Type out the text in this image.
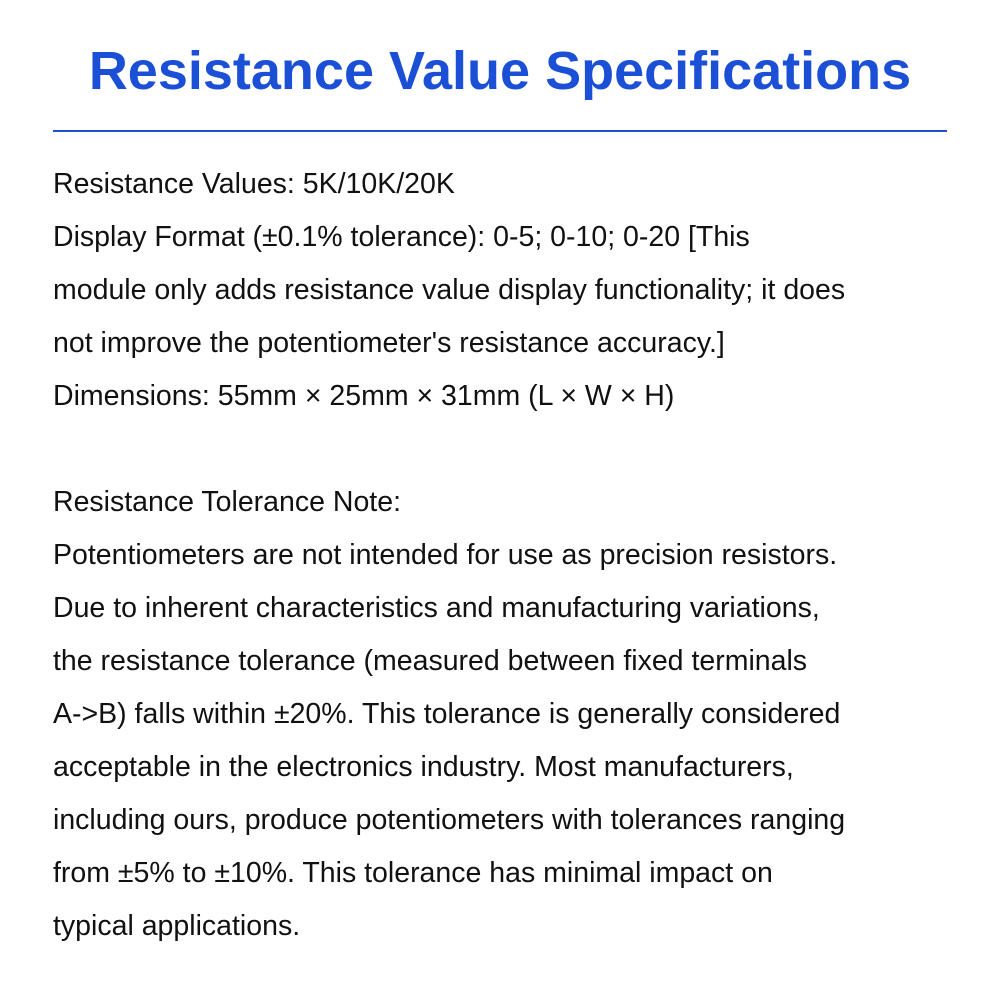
Resistance Value Specifications
Resistance Values: 5K/10K/20K
Display Format (±0.1% tolerance): 0-5; 0-10; 0-20 [This
module only adds resistance value display functionality; it does
not improve the potentiometer's resistance accuracy.]
Dimensions: 55mm × 25mm × 31mm (L × W × H)
Resistance Tolerance Note:
Potentiometers are not intended for use as precision resistors.
Due to inherent characteristics and manufacturing variations,
the resistance tolerance (measured between fixed terminals
A->B) falls within ±20%. This tolerance is generally considered
acceptable in the electronics industry. Most manufacturers,
including ours, produce potentiometers with tolerances ranging
from ±5% to ±10%. This tolerance has minimal impact on
typical applications.
